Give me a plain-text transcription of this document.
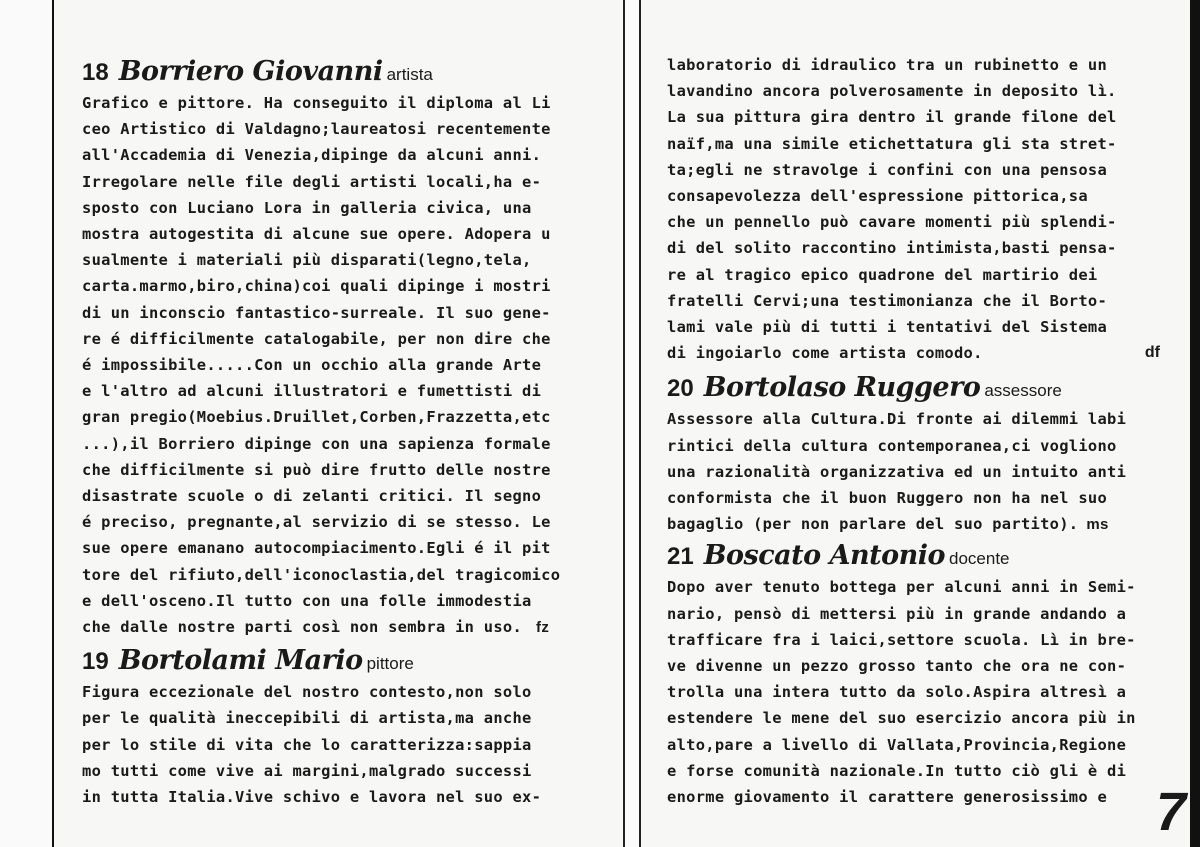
18 Borriero Giovanni artista
Grafico e pittore. Ha conseguito il diploma al Li
ceo Artistico di Valdagno;laureatosi recentemente
all'Accademia di Venezia,dipinge da alcuni anni.
Irregolare nelle file degli artisti locali,ha e-
sposto con Luciano Lora in galleria civica, una
mostra autogestita di alcune sue opere. Adopera u
sualmente i materiali più disparati(legno,tela,
carta.marmo,biro,china)coi quali dipinge i mostri
di un inconscio fantastico-surreale. Il suo gene-
re é difficilmente catalogabile, per non dire che
é impossibile.....Con un occhio alla grande Arte
e l'altro ad alcuni illustratori e fumettisti di
gran pregio(Moebius.Druillet,Corben,Frazzetta,etc
...),il Borriero dipinge con una sapienza formale
che difficilmente si può dire frutto delle nostre
disastrate scuole o di zelanti critici. Il segno
é preciso, pregnante,al servizio di se stesso. Le
sue opere emanano autocompiacimento.Egli é il pit
tore del rifiuto,dell'iconoclastia,del tragicomico
e dell'osceno.Il tutto con una folle immodestia
che dalle nostre parti così non sembra in uso. fz
19 Bortolami Mario pittore
Figura eccezionale del nostro contesto,non solo
per le qualità ineccepibili di artista,ma anche
per lo stile di vita che lo caratterizza:sappia
mo tutti come vive ai margini,malgrado successi
in tutta Italia.Vive schivo e lavora nel suo ex-
laboratorio di idraulico tra un rubinetto e un
lavandino ancora polverosamente in deposito lì.
La sua pittura gira dentro il grande filone del
naïf,ma una simile etichettatura gli sta stret-
ta;egli ne stravolge i confini con una pensosa
consapevolezza dell'espressione pittorica,sa
che un pennello può cavare momenti più splendi-
di del solito raccontino intimista,basti pensa-
re al tragico epico quadrone del martirio dei
fratelli Cervi;una testimonianza che il Borto-
lami vale più di tutti i tentativi del Sistema
di ingoiarlo come artista comodo.	df
20 Bortolaso Ruggero assessore
Assessore alla Cultura.Di fronte ai dilemmi labi
rintici della cultura contemporanea,ci vogliono
una razionalità organizzativa ed un intuito anti
conformista che il buon Ruggero non ha nel suo
bagaglio (per non parlare del suo partito). ms
21 Boscato Antonio docente
Dopo aver tenuto bottega per alcuni anni in Semi-
nario, pensò di mettersi più in grande andando a
trafficare fra i laici,settore scuola. Lì in bre-
ve divenne un pezzo grosso tanto che ora ne con-
trolla una intera tutto da solo.Aspira altresì a
estendere le mene del suo esercizio ancora più in
alto,pare a livello di Vallata,Provincia,Regione
e forse comunità nazionale.In tutto ciò gli è di
enorme giovamento il carattere generosissimo e 7
